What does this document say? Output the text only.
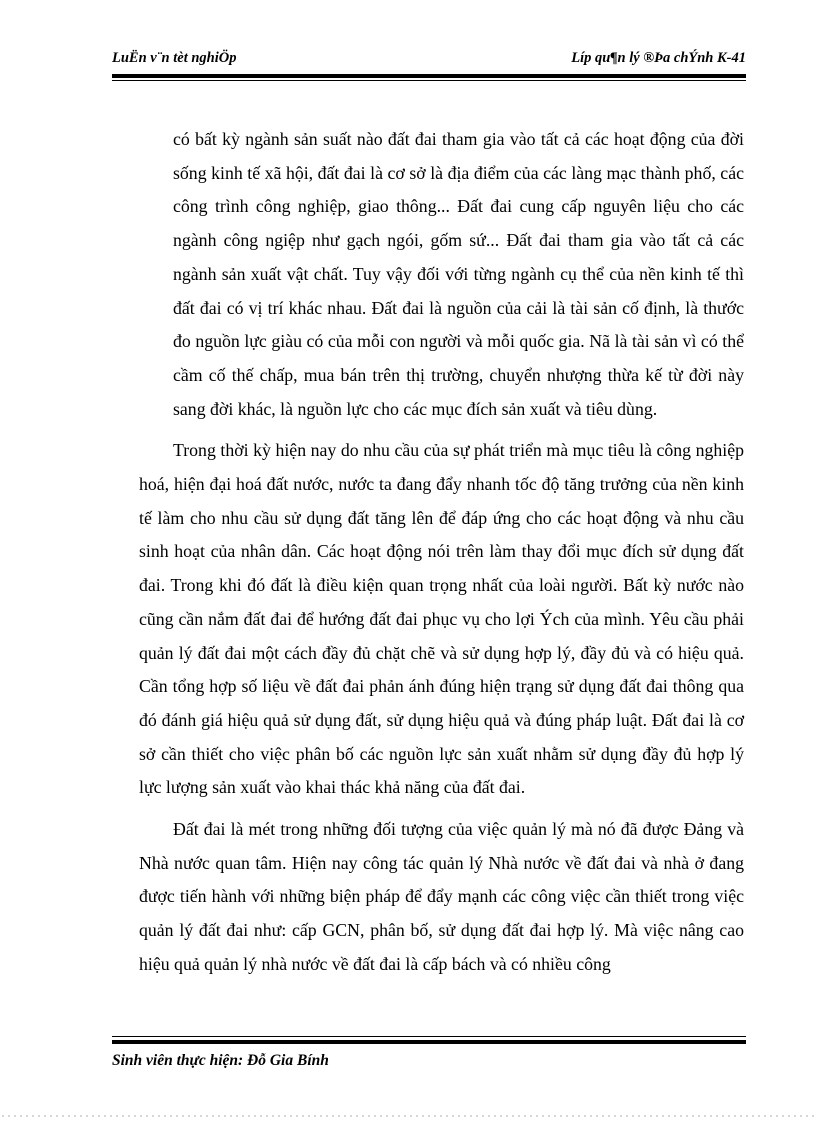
LuËn v¨n tèt nghiÖp	Líp qu¶n lý ®Þa chÝnh K-41

có bất kỳ ngành sản suất nào đất đai tham gia vào tất cả các hoạt động của đời sống kinh tế xã hội, đất đai là cơ sở là địa điểm của các làng mạc thành phố, các công trình công nghiệp, giao thông... Đất đai cung cấp nguyên liệu cho các ngành công ngiệp như gạch ngói, gốm sứ... Đất đai tham gia vào tất cả các ngành sản xuất vật chất. Tuy vậy đối với từng ngành cụ thể của nền kinh tế thì đất đai có vị trí khác nhau. Đất đai là nguồn của cải là tài sản cố định, là thước đo nguồn lực giàu có của mỗi con người và mỗi quốc gia. Nã là tài sản vì có thể cầm cố thế chấp, mua bán trên thị trường, chuyển nhượng thừa kế từ đời này sang đời khác, là nguồn lực cho các mục đích sản xuất và tiêu dùng.

Trong thời kỳ hiện nay do nhu cầu của sự phát triển mà mục tiêu là công nghiệp hoá, hiện đại hoá đất nước, nước ta đang đẩy nhanh tốc độ tăng trưởng của nền kinh tế làm cho nhu cầu sử dụng đất tăng lên để đáp ứng cho các hoạt động và nhu cầu sinh hoạt của nhân dân. Các hoạt động nói trên làm thay đổi mục đích sử dụng đất đai. Trong khi đó đất là điều kiện quan trọng nhất của loài người. Bất kỳ nước nào cũng cần nắm đất đai để hướng đất đai phục vụ cho lợi Ých của mình. Yêu cầu phải quản lý đất đai một cách đầy đủ chặt chẽ và sử dụng hợp lý, đầy đủ và có hiệu quả. Cần tổng hợp số liệu về đất đai phản ánh đúng hiện trạng sử dụng đất đai thông qua đó đánh giá hiệu quả sử dụng đất, sử dụng hiệu quả và đúng pháp luật. Đất đai là cơ sở cần thiết cho việc phân bố các nguồn lực sản xuất nhằm sử dụng đầy đủ hợp lý lực lượng sản xuất vào khai thác khả năng của đất đai.

Đất đai là mét trong những đối tượng của việc quản lý mà nó đã được Đảng và Nhà nước quan tâm. Hiện nay công tác quản lý Nhà nước về đất đai và nhà ở đang được tiến hành với những biện pháp để đẩy mạnh các công việc cần thiết trong việc quản lý đất đai như: cấp GCN, phân bố, sử dụng đất đai hợp lý. Mà việc nâng cao hiệu quả quản lý nhà nước về đất đai là cấp bách và có nhiều công

Sinh viên thực hiện: Đỗ Gia Bính
